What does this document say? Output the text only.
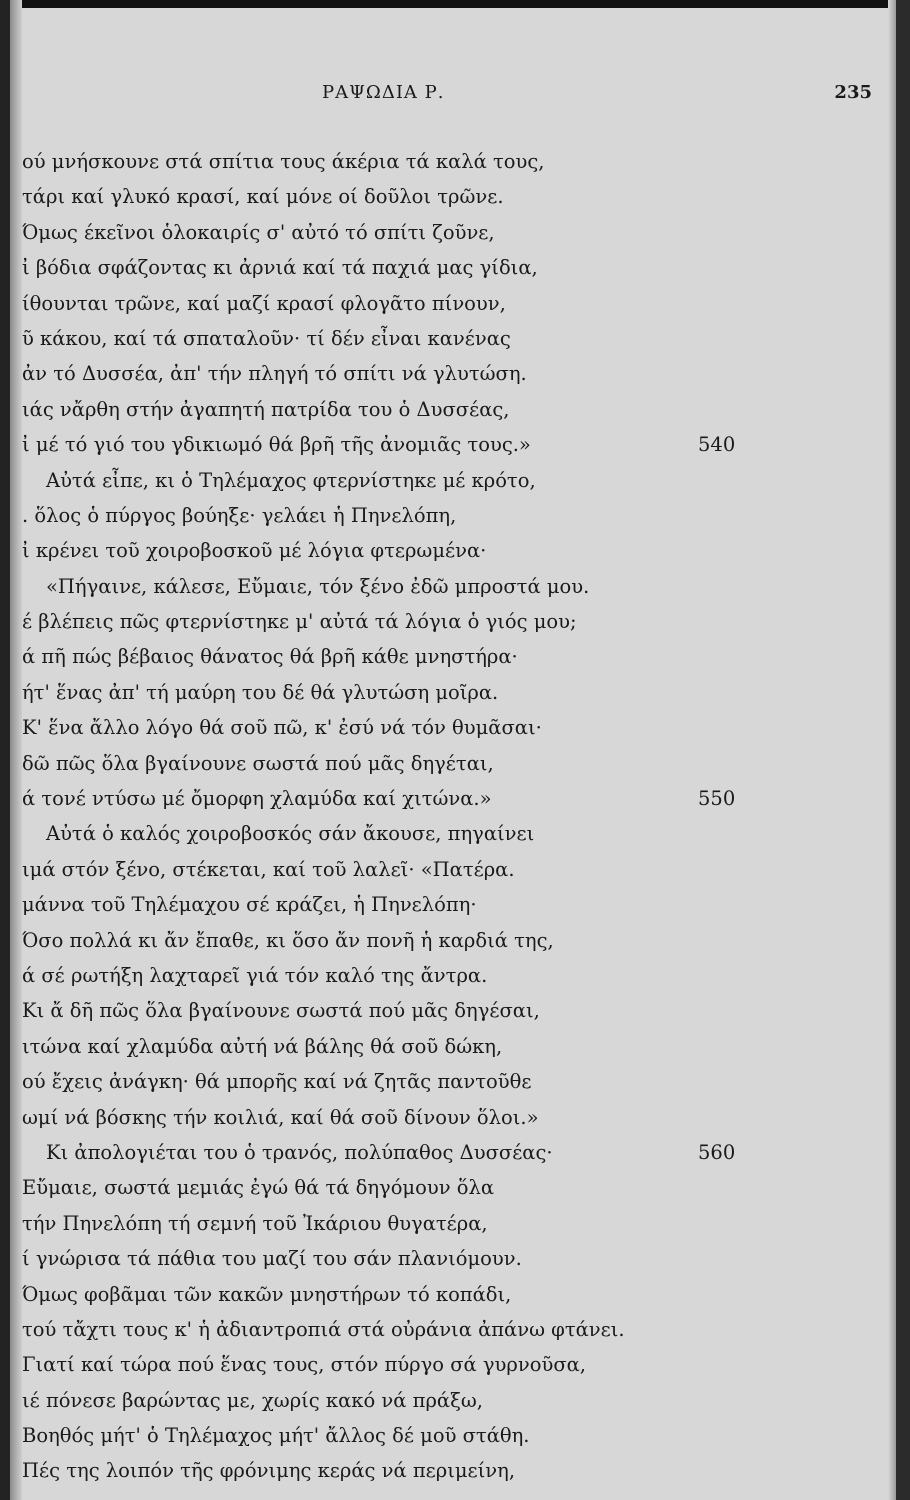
ΡΑΨΩΔΙΑ Ρ.	235
ού μνήσκουνε στά σπίτια τους άκέρια τά καλά τους,
τάρι καί γλυκό κρασί, καί μόνε οί δοῦλοι τρῶνε.
Όμως έκεῖνοι ὁλοκαιρίς σ' αὐτό τό σπίτι ζοῦνε,
ἰ βόδια σφάζοντας κι ἀρνιά καί τά παχιά μας γίδια,
ίθουνται τρῶνε, καί μαζί κρασί φλογᾶτο πίνουν,
ῦ κάκου, καί τά σπαταλοῦν· τί δέν εἶναι κανένας
ἀν τό Δυσσέα, ἀπ' τήν πληγή τό σπίτι νά γλυτώση.
ιάς νἄρθη στήν ἀγαπητή πατρίδα του ὁ Δυσσέας,
ἰ μέ τό γιό του γδικιωμό θά βρῆ τῆς ἀνομιᾶς τους.»	540
Αὐτά εἶπε, κι ὁ Τηλέμαχος φτερνίστηκε μέ κρότο,
. ὅλος ὁ πύργος βούηξε· γελάει ἡ Πηνελόπη,
ἰ κρένει τοῦ χοιροβοσκοῦ μέ λόγια φτερωμένα·
«Πήγαινε, κάλεσε, Εὔμαιε, τόν ξένο ἐδῶ μπροστά μου.
έ βλέπεις πῶς φτερνίστηκε μ' αὐτά τά λόγια ὁ γιός μου;
ά πῆ πώς βέβαιος θάνατος θά βρῆ κάθε μνηστήρα·
ήτ' ἕνας ἀπ' τή μαύρη του δέ θά γλυτώση μοῖρα.
Κ' ἕνα ἄλλο λόγο θά σοῦ πῶ, κ' ἐσύ νά τόν θυμᾶσαι·
δῶ πῶς ὅλα βγαίνουνε σωστά πού μᾶς δηγέται,
ά τονέ ντύσω μέ ὄμορφη χλαμύδα καί χιτώνα.»	550
Αὐτά ὁ καλός χοιροβοσκός σάν ἄκουσε, πηγαίνει
ιμά στόν ξένο, στέκεται, καί τοῦ λαλεῖ· «Πατέρα.
μάννα τοῦ Τηλέμαχου σέ κράζει, ἡ Πηνελόπη·
Όσο πολλά κι ἄν ἔπαθε, κι ὅσο ἄν πονῆ ἡ καρδιά της,
ά σέ ρωτήξη λαχταρεῖ γιά τόν καλό της ἄντρα.
Κι ἄ δῆ πῶς ὅλα βγαίνουνε σωστά πού μᾶς δηγέσαι,
ιτώνα καί χλαμύδα αὐτή νά βάλης θά σοῦ δώκη,
ού ἔχεις ἀνάγκη· θά μπορῆς καί νά ζητᾶς παντοῦθε
ωμί νά βόσκης τήν κοιλιά, καί θά σοῦ δίνουν ὅλοι.»
Κι ἀπολογιέται του ὁ τρανός, πολύπαθος Δυσσέας·	560
Εὔμαιε, σωστά μεμιάς ἐγώ θά τά δηγόμουν ὅλα
τήν Πηνελόπη τή σεμνή τοῦ Ἰκάριου θυγατέρα,
ί γνώρισα τά πάθια του μαζί του σάν πλανιόμουν.
Όμως φοβᾶμαι τῶν κακῶν μνηστήρων τό κοπάδι,
τού τἄχτι τους κ' ἡ ἀδιαντροπιά στά οὐράνια ἀπάνω φτάνει.
Γιατί καί τώρα πού ἕνας τους, στόν πύργο σά γυρνοῦσα,
ιέ πόνεσε βαρώντας με, χωρίς κακό νά πράξω,
Βοηθός μήτ' ὁ Τηλέμαχος μήτ' ἄλλος δέ μοῦ στάθη.
Πές της λοιπόν τῆς φρόνιμης κεράς νά περιμείνη,
